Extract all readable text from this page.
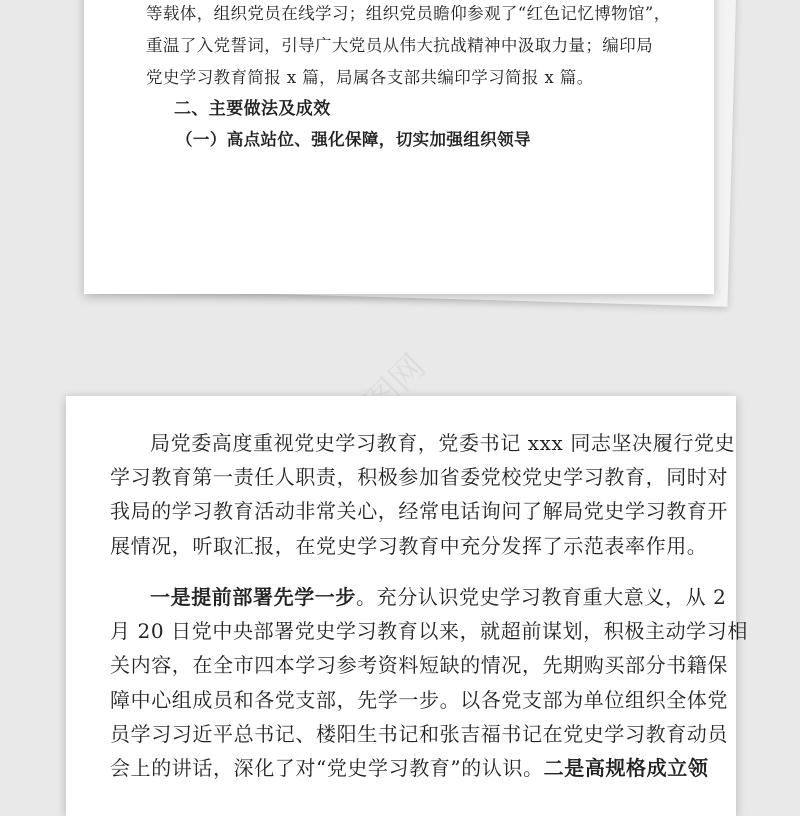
等载体，组织党员在线学习；组织党员瞻仰参观了“红色记忆博物馆”，
重温了入党誓词，引导广大党员从伟大抗战精神中汲取力量；编印局
党史学习教育简报 x 篇，局属各支部共编印学习简报 x 篇。
二、主要做法及成效
（一）高点站位、强化保障，切实加强组织领导
局党委高度重视党史学习教育，党委书记 xxx 同志坚决履行党史
学习教育第一责任人职责，积极参加省委党校党史学习教育，同时对
我局的学习教育活动非常关心，经常电话询问了解局党史学习教育开
展情况，听取汇报，在党史学习教育中充分发挥了示范表率作用。
一是提前部署先学一步。充分认识党史学习教育重大意义，从 2
月 20 日党中央部署党史学习教育以来，就超前谋划，积极主动学习相
关内容，在全市四本学习参考资料短缺的情况，先期购买部分书籍保
障中心组成员和各党支部，先学一步。以各党支部为单位组织全体党
员学习习近平总书记、楼阳生书记和张吉福书记在党史学习教育动员
会上的讲话，深化了对“党史学习教育”的认识。二是高规格成立领
